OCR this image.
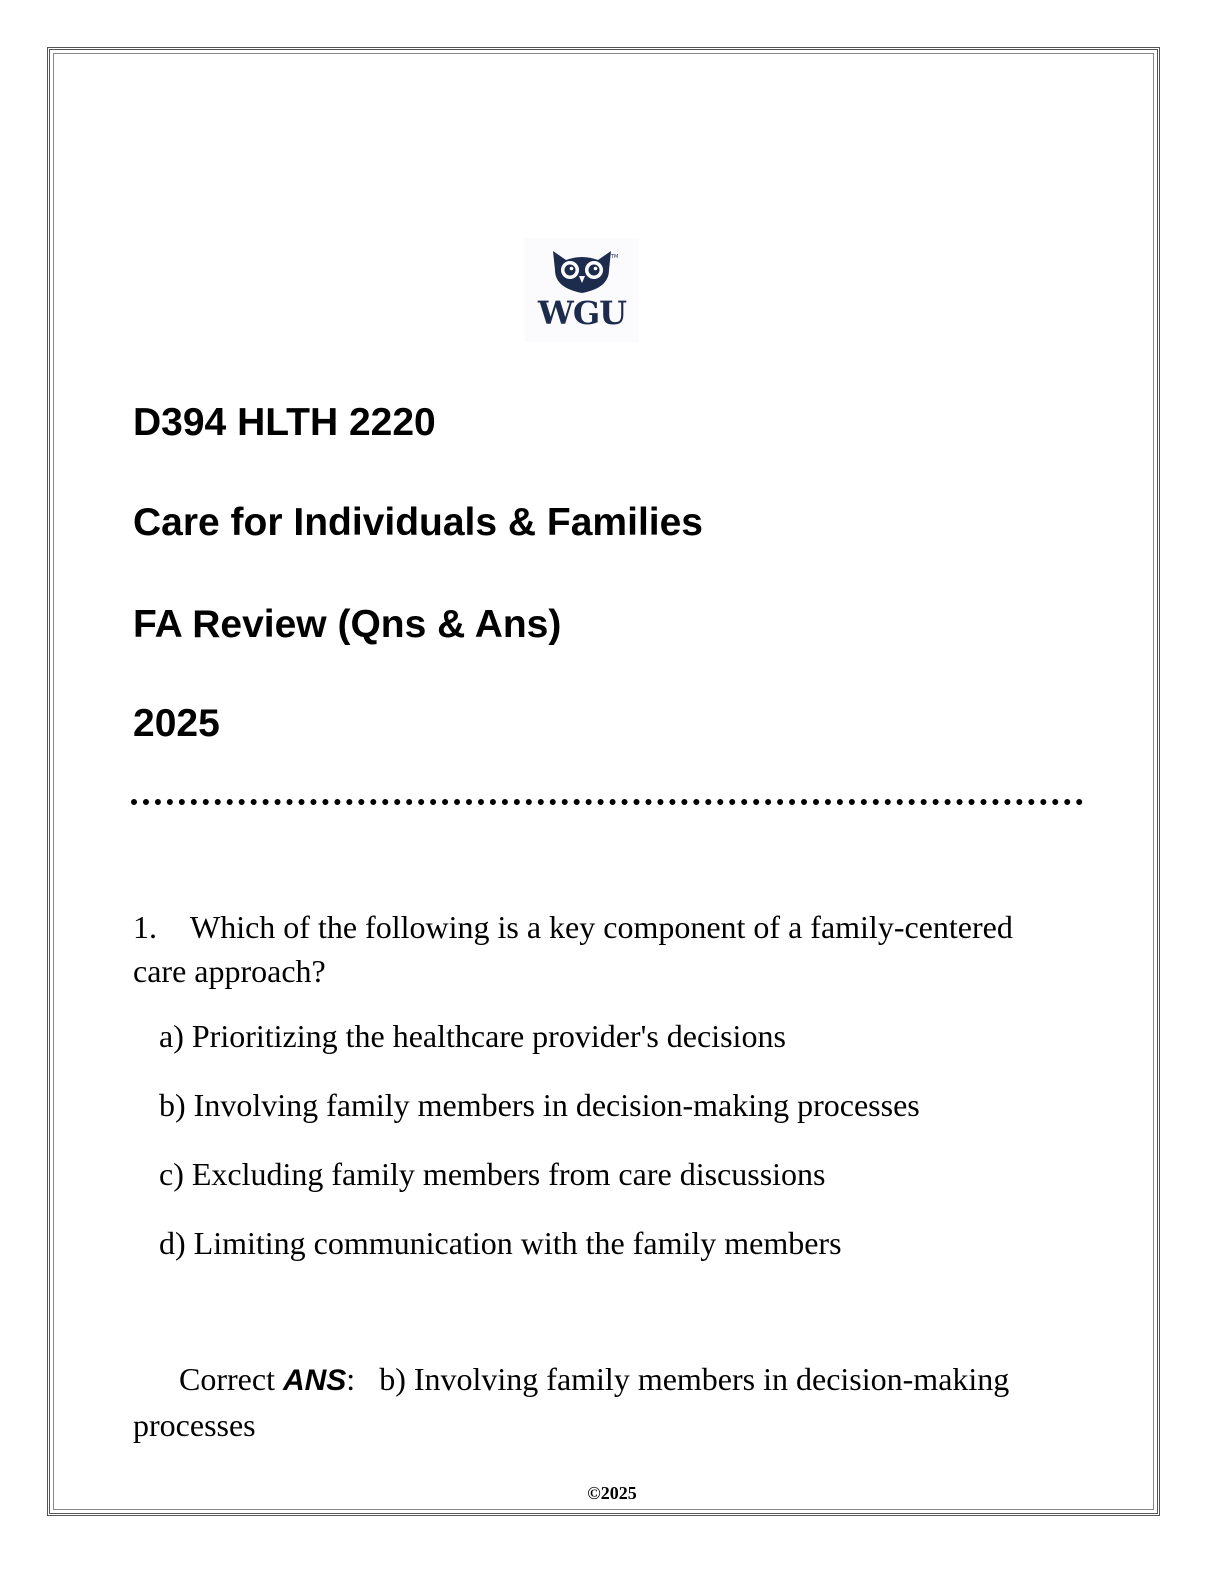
TM
WGU
D394 HLTH 2220
Care for Individuals & Families
FA Review (Qns & Ans)
2025
1. Which of the following is a key component of a family-centered care approach?
a) Prioritizing the healthcare provider's decisions
b) Involving family members in decision-making processes
c) Excluding family members from care discussions
d) Limiting communication with the family members
Correct ANS: b) Involving family members in decision-making processes
©2025
